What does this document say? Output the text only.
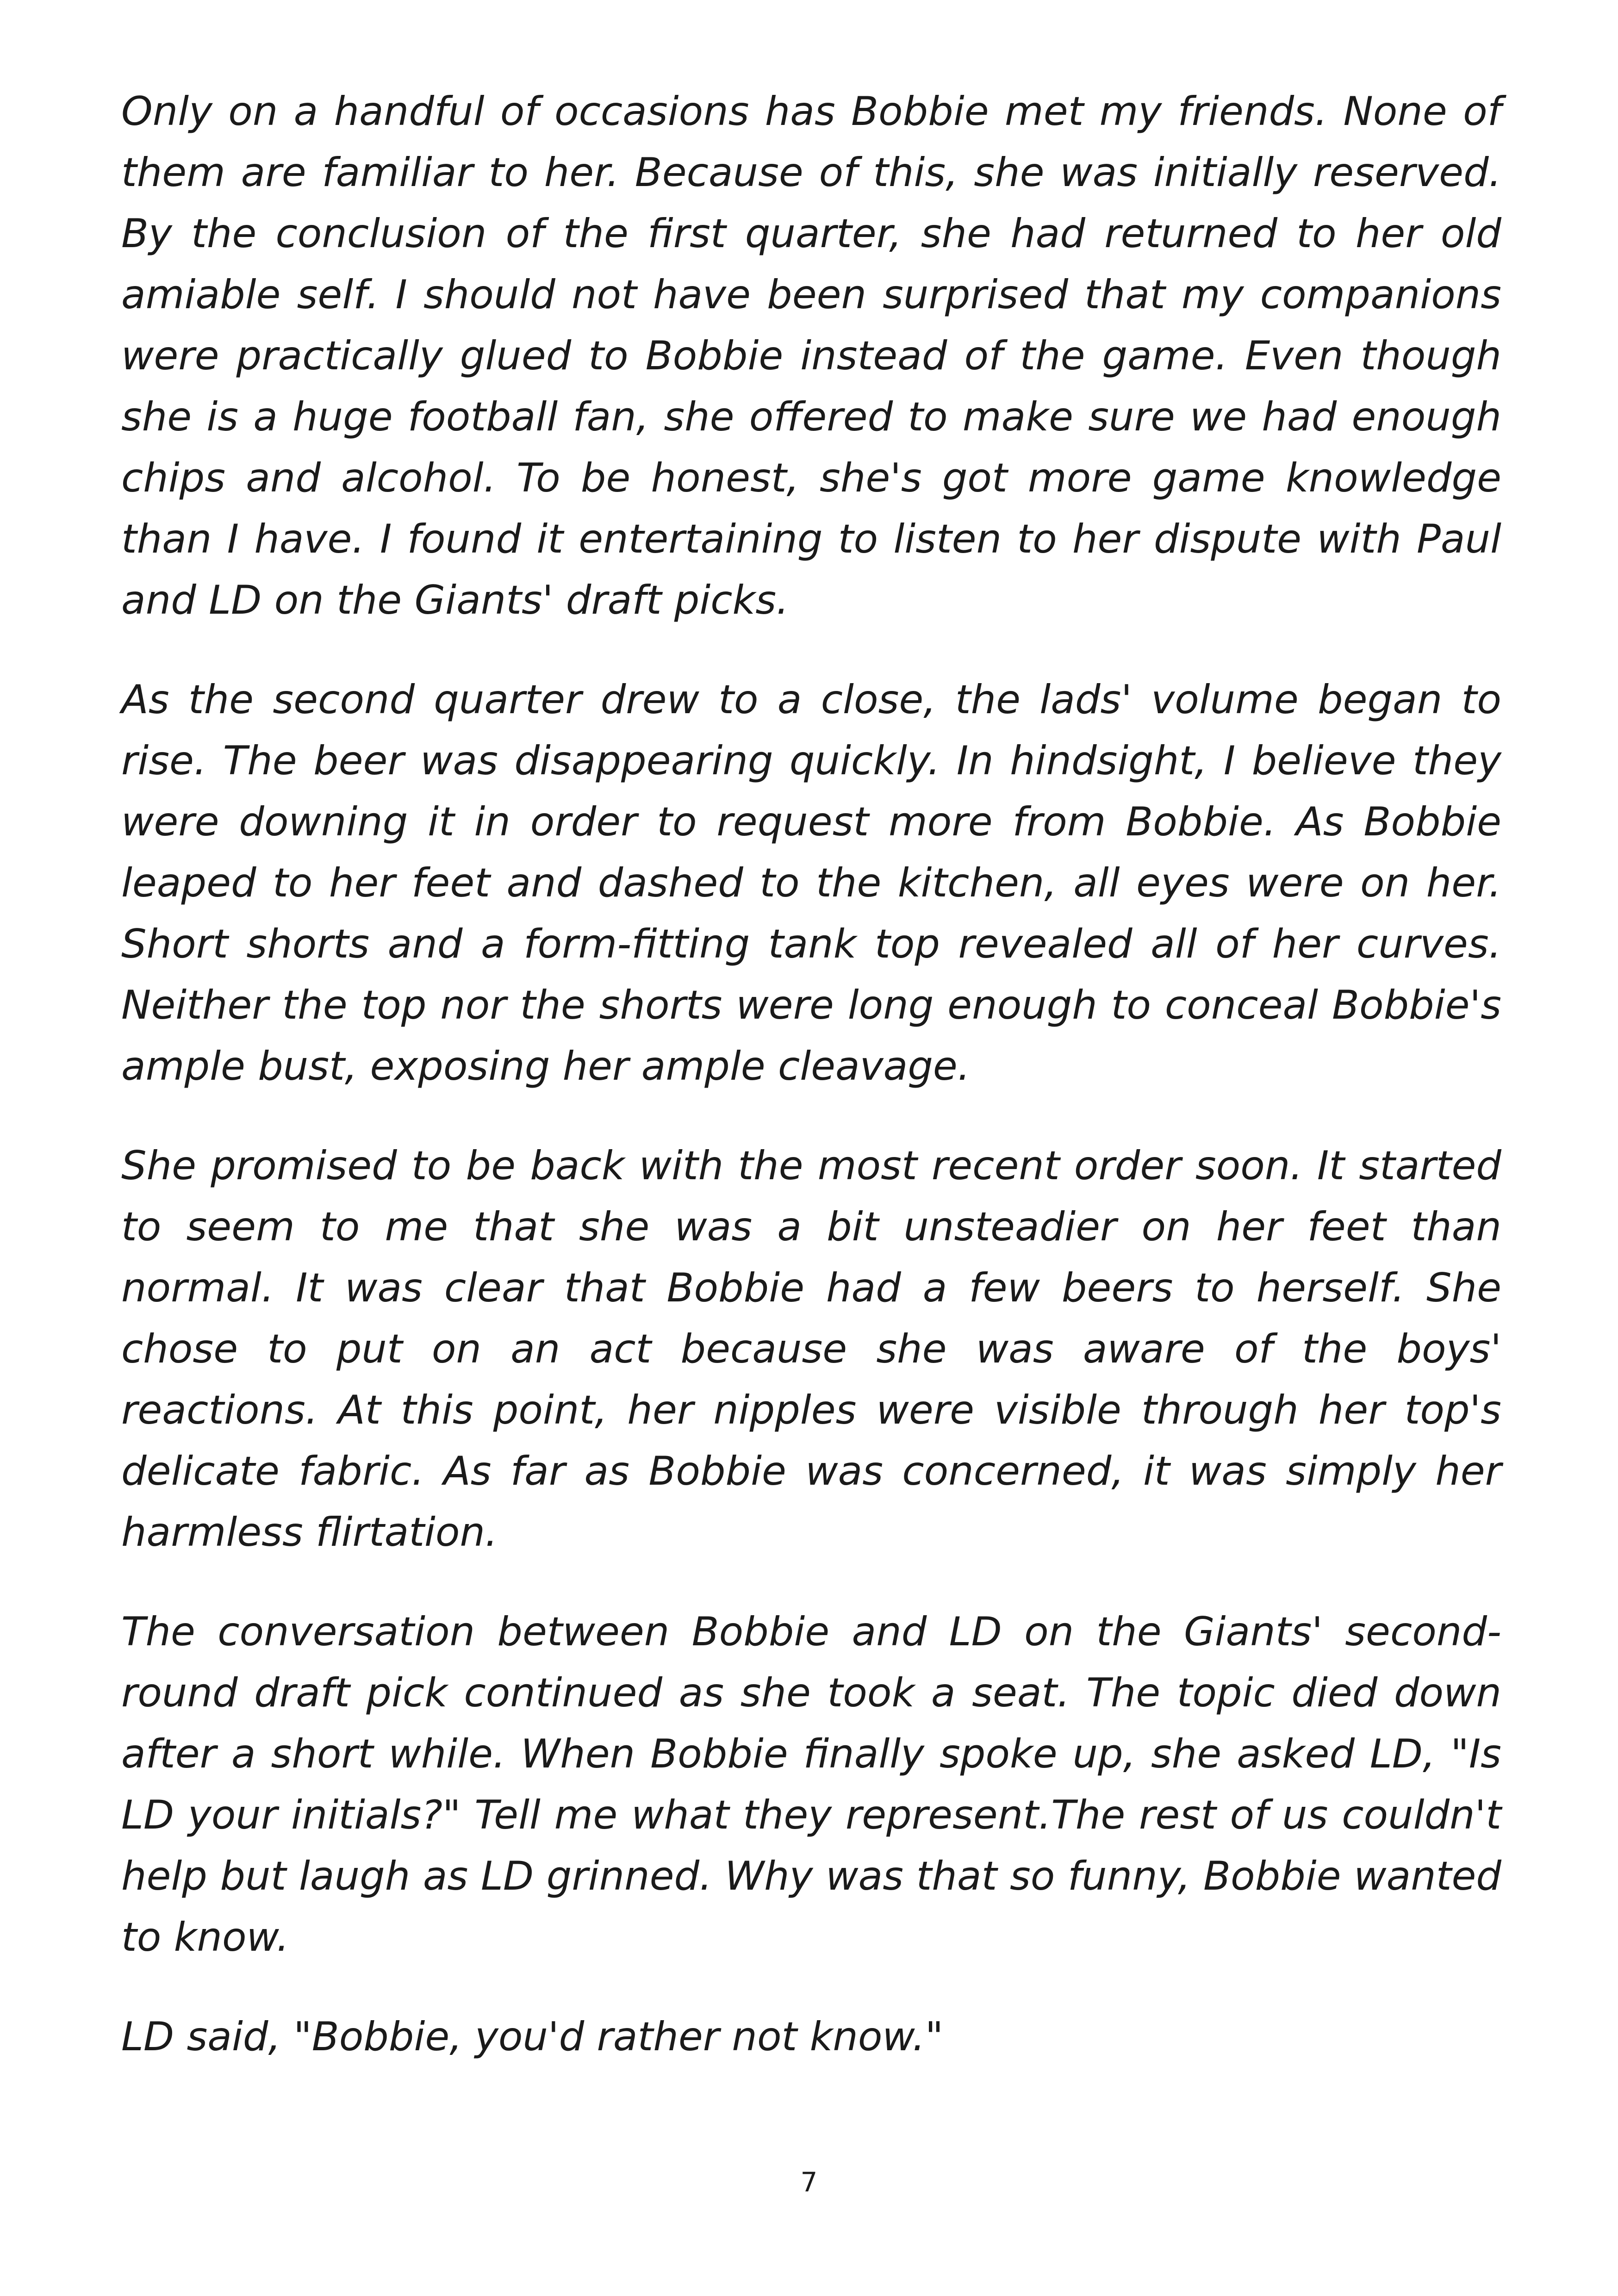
Only on a handful of occasions has Bobbie met my friends. None of them are familiar to her. Because of this, she was initially reserved. By the conclusion of the first quarter, she had returned to her old amiable self. I should not have been surprised that my companions were practically glued to Bobbie instead of the game. Even though she is a huge football fan, she offered to make sure we had enough chips and alcohol. To be honest, she's got more game knowledge than I have. I found it entertaining to listen to her dispute with Paul and LD on the Giants' draft picks.

As the second quarter drew to a close, the lads' volume began to rise. The beer was disappearing quickly. In hindsight, I believe they were downing it in order to request more from Bobbie. As Bobbie leaped to her feet and dashed to the kitchen, all eyes were on her. Short shorts and a form-fitting tank top revealed all of her curves. Neither the top nor the shorts were long enough to conceal Bobbie's ample bust, exposing her ample cleavage.

She promised to be back with the most recent order soon. It started to seem to me that she was a bit unsteadier on her feet than normal. It was clear that Bobbie had a few beers to herself. She chose to put on an act because she was aware of the boys' reactions. At this point, her nipples were visible through her top's delicate fabric. As far as Bobbie was concerned, it was simply her harmless flirtation.

The conversation between Bobbie and LD on the Giants' second-round draft pick continued as she took a seat. The topic died down after a short while. When Bobbie finally spoke up, she asked LD, "Is LD your initials?" Tell me what they represent.The rest of us couldn't help but laugh as LD grinned. Why was that so funny, Bobbie wanted to know.

LD said, "Bobbie, you'd rather not know."

7
